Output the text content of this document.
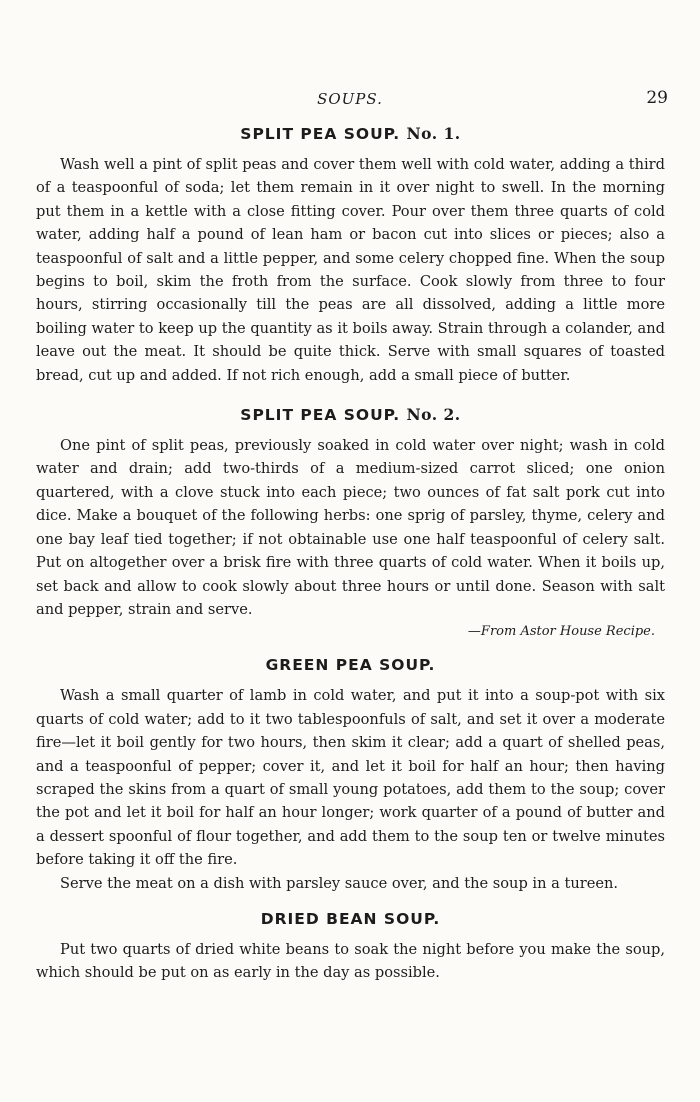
SOUPS.	29
SPLIT PEA SOUP. No. 1.

Wash well a pint of split peas and cover them well with cold water, adding a third of a teaspoonful of soda; let them remain in it over night to swell. In the morning put them in a kettle with a close fitting cover. Pour over them three quarts of cold water, adding half a pound of lean ham or bacon cut into slices or pieces; also a teaspoonful of salt and a little pepper, and some celery chopped fine. When the soup begins to boil, skim the froth from the surface. Cook slowly from three to four hours, stirring occasionally till the peas are all dissolved, adding a little more boiling water to keep up the quantity as it boils away. Strain through a colander, and leave out the meat. It should be quite thick. Serve with small squares of toasted bread, cut up and added. If not rich enough, add a small piece of butter.

SPLIT PEA SOUP. No. 2.

One pint of split peas, previously soaked in cold water over night; wash in cold water and drain; add two-thirds of a medium-sized carrot sliced; one onion quartered, with a clove stuck into each piece; two ounces of fat salt pork cut into dice. Make a bouquet of the following herbs: one sprig of parsley, thyme, celery and one bay leaf tied together; if not obtainable use one half teaspoonful of celery salt. Put on altogether over a brisk fire with three quarts of cold water. When it boils up, set back and allow to cook slowly about three hours or until done. Season with salt and pepper, strain and serve.

—From Astor House Recipe.

GREEN PEA SOUP.

Wash a small quarter of lamb in cold water, and put it into a soup-pot with six quarts of cold water; add to it two tablespoonfuls of salt, and set it over a moderate fire—let it boil gently for two hours, then skim it clear; add a quart of shelled peas, and a teaspoonful of pepper; cover it, and let it boil for half an hour; then having scraped the skins from a quart of small young potatoes, add them to the soup; cover the pot and let it boil for half an hour longer; work quarter of a pound of butter and a dessert spoonful of flour together, and add them to the soup ten or twelve minutes before taking it off the fire.

Serve the meat on a dish with parsley sauce over, and the soup in a tureen.

DRIED BEAN SOUP.

Put two quarts of dried white beans to soak the night before you make the soup, which should be put on as early in the day as possible.
